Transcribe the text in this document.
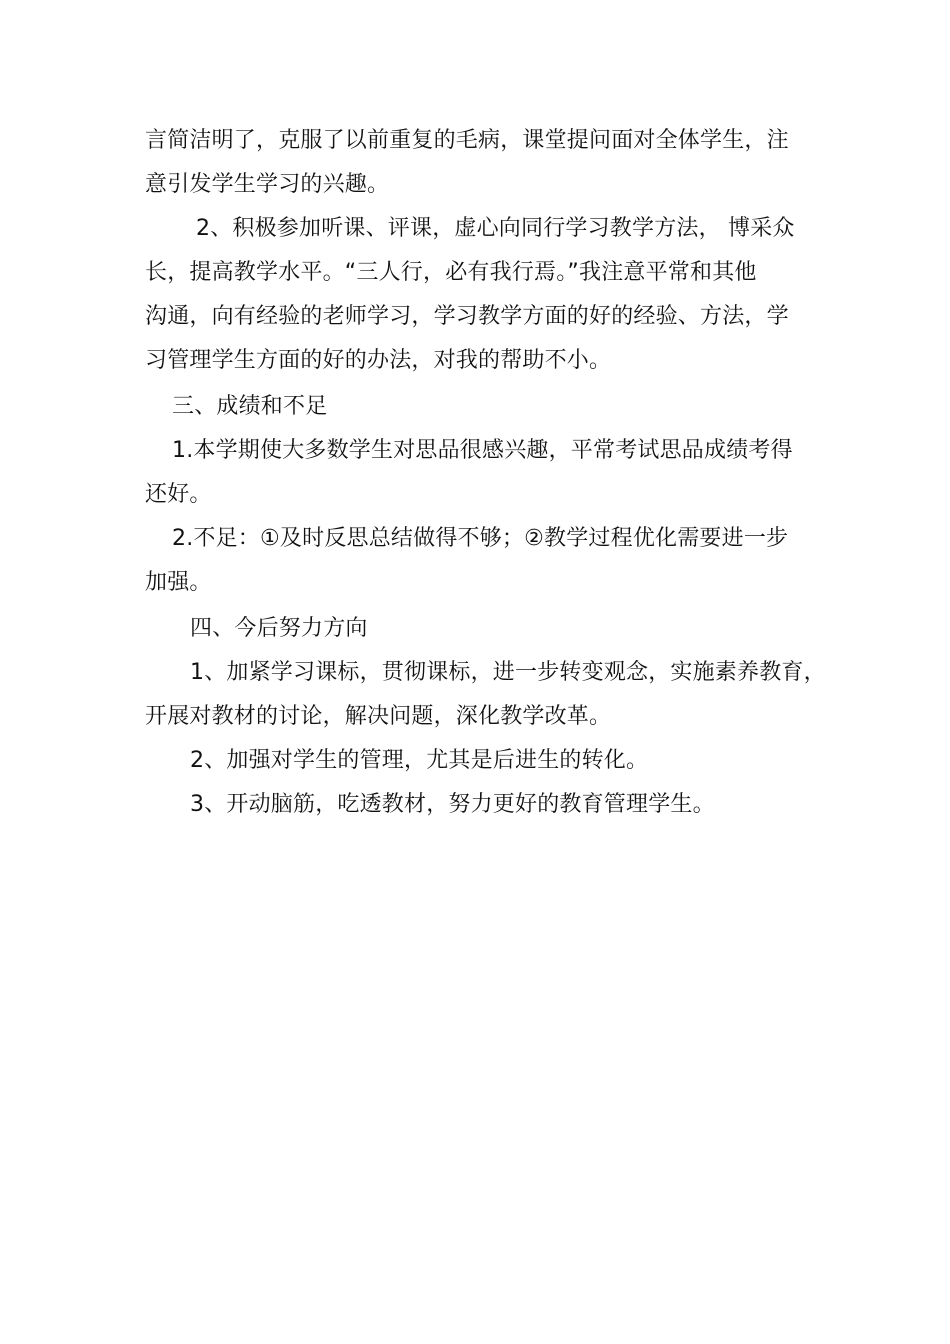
言简洁明了，克服了以前重复的毛病，课堂提问面对全体学生，注
意引发学生学习的兴趣。
2、积极参加听课、评课，虚心向同行学习教学方法， 博采众
长，提高教学水平。“三人行，必有我行焉。”我注意平常和其他
沟通，向有经验的老师学习，学习教学方面的好的经验、方法，学
习管理学生方面的好的办法，对我的帮助不小。
三、成绩和不足
1.本学期使大多数学生对思品很感兴趣，平常考试思品成绩考得
还好。
2.不足：①及时反思总结做得不够；②教学过程优化需要进一步
加强。
四、今后努力方向
1、加紧学习课标，贯彻课标，进一步转变观念，实施素养教育，
开展对教材的讨论，解决问题，深化教学改革。
2、加强对学生的管理，尤其是后进生的转化。
3、开动脑筋，吃透教材，努力更好的教育管理学生。
